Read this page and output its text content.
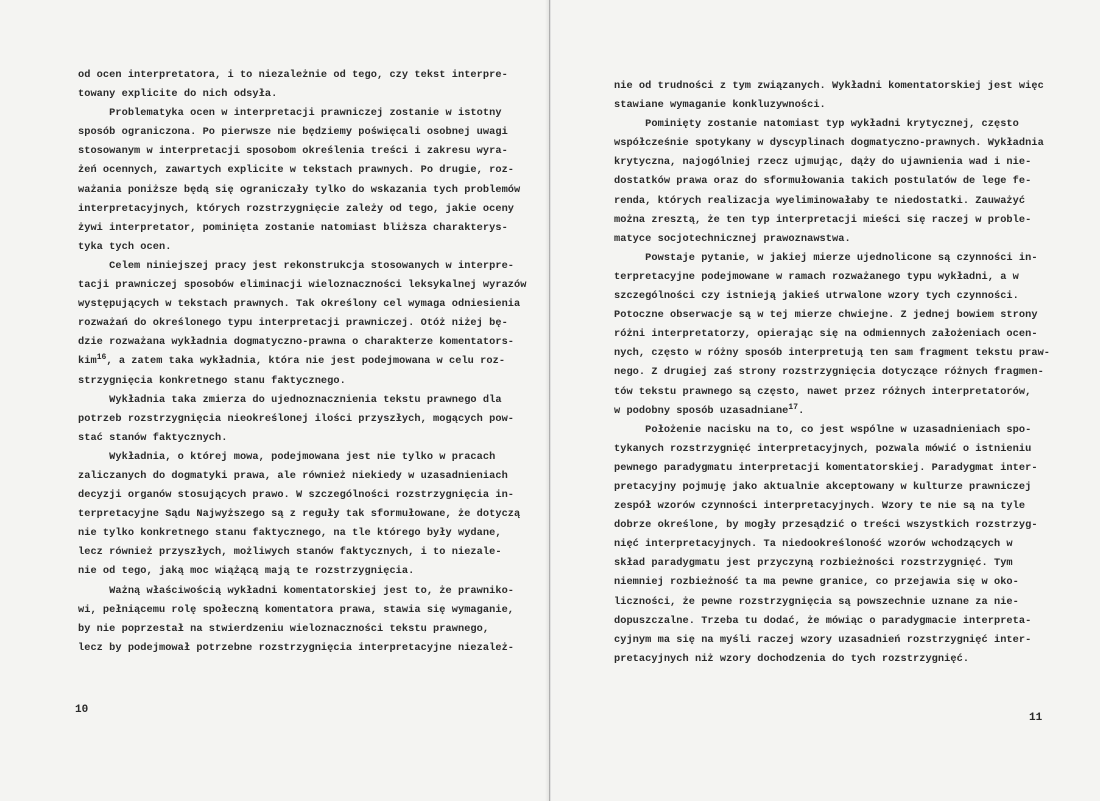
od ocen interpretatora, i to niezależnie od tego, czy tekst interpre-
towany explicite do nich odsyła.
Problematyka ocen w interpretacji prawniczej zostanie w istotny
sposób ograniczona. Po pierwsze nie będziemy poświęcali osobnej uwagi
stosowanym w interpretacji sposobom określenia treści i zakresu wyra-
żeń ocennych, zawartych explicite w tekstach prawnych. Po drugie, roz-
ważania poniższe będą się ograniczały tylko do wskazania tych problemów
interpretacyjnych, których rozstrzygnięcie zależy od tego, jakie oceny
żywi interpretator, pominięta zostanie natomiast bliższa charakterys-
tyka tych ocen.
Celem niniejszej pracy jest rekonstrukcja stosowanych w interpre-
tacji prawniczej sposobów eliminacji wieloznaczności leksykalnej wyrazów
występujących w tekstach prawnych. Tak określony cel wymaga odniesienia
rozważań do określonego typu interpretacji prawniczej. Otóż niżej bę-
dzie rozważana wykładnia dogmatyczno-prawna o charakterze komentators-
kim$^{16}$, a zatem taka wykładnia, która nie jest podejmowana w celu roz-
strzygnięcia konkretnego stanu faktycznego.
Wykładnia taka zmierza do ujednoznacznienia tekstu prawnego dla
potrzeb rozstrzygnięcia nieokreślonej ilości przyszłych, mogących pow-
stać stanów faktycznych.
Wykładnia, o której mowa, podejmowana jest nie tylko w pracach
zaliczanych do dogmatyki prawa, ale również niekiedy w uzasadnieniach
decyzji organów stosujących prawo. W szczególności rozstrzygnięcia in-
terpretacyjne Sądu Najwyższego są z reguły tak sformułowane, że dotyczą
nie tylko konkretnego stanu faktycznego, na tle którego były wydane,
lecz również przyszłych, możliwych stanów faktycznych, i to niezale-
nie od tego, jaką moc wiążącą mają te rozstrzygnięcia.
Ważną właściwością wykładni komentatorskiej jest to, że prawniko-
wi, pełniącemu rolę społeczną komentatora prawa, stawia się wymaganie,
by nie poprzestał na stwierdzeniu wieloznaczności tekstu prawnego,
lecz by podejmował potrzebne rozstrzygnięcia interpretacyjne niezależ-
10
nie od trudności z tym związanych. Wykładni komentatorskiej jest więc
stawiane wymaganie konkluzywności.
Pominięty zostanie natomiast typ wykładni krytycznej, często
współcześnie spotykany w dyscyplinach dogmatyczno-prawnych. Wykładnia
krytyczna, najogólniej rzecz ujmując, dąży do ujawnienia wad i nie-
dostatków prawa oraz do sformułowania takich postulatów de lege fe-
renda, których realizacja wyeliminowałaby te niedostatki. Zauważyć
można zresztą, że ten typ interpretacji mieści się raczej w proble-
matyce socjotechnicznej prawoznawstwa.
Powstaje pytanie, w jakiej mierze ujednolicone są czynności in-
terpretacyjne podejmowane w ramach rozważanego typu wykładni, a w
szczególności czy istnieją jakieś utrwalone wzory tych czynności.
Potoczne obserwacje są w tej mierze chwiejne. Z jednej bowiem strony
różni interpretatorzy, opierając się na odmiennych założeniach ocen-
nych, często w różny sposób interpretują ten sam fragment tekstu praw-
nego. Z drugiej zaś strony rozstrzygnięcia dotyczące różnych fragmen-
tów tekstu prawnego są często, nawet przez różnych interpretatorów,
w podobny sposób uzasadniane$^{17}$.
Położenie nacisku na to, co jest wspólne w uzasadnieniach spo-
tykanych rozstrzygnięć interpretacyjnych, pozwala mówić o istnieniu
pewnego paradygmatu interpretacji komentatorskiej. Paradygmat inter-
pretacyjny pojmuję jako aktualnie akceptowany w kulturze prawniczej
zespół wzorów czynności interpretacyjnych. Wzory te nie są na tyle
dobrze określone, by mogły przesądzić o treści wszystkich rozstrzyg-
nięć interpretacyjnych. Ta niedookreśloność wzorów wchodzących w
skład paradygmatu jest przyczyną rozbieżności rozstrzygnięć. Tym
niemniej rozbieżność ta ma pewne granice, co przejawia się w oko-
liczności, że pewne rozstrzygnięcia są powszechnie uznane za nie-
dopuszczalne. Trzeba tu dodać, że mówiąc o paradygmacie interpreta-
cyjnym ma się na myśli raczej wzory uzasadnień rozstrzygnięć inter-
pretacyjnych niż wzory dochodzenia do tych rozstrzygnięć.
11
